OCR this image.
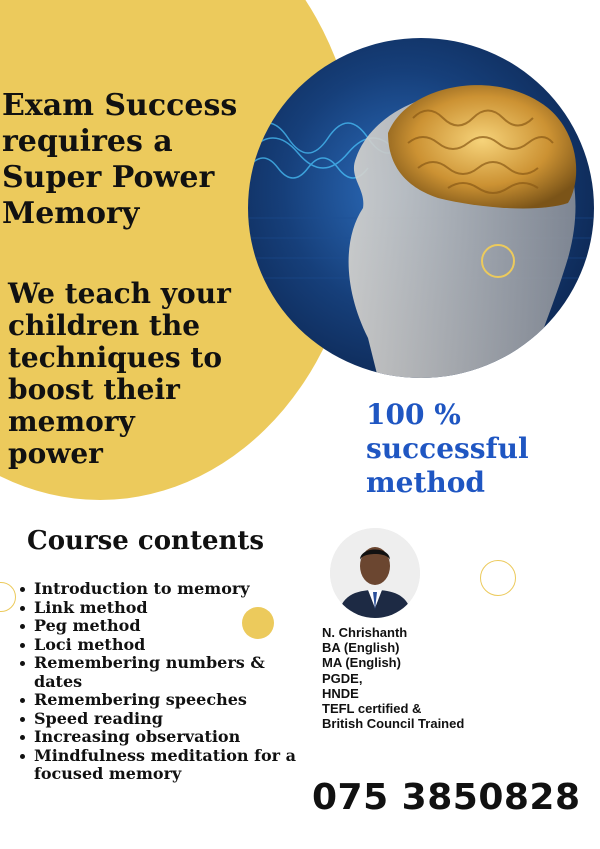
Exam Success
requires a
Super Power
Memory
We teach your
children the
techniques to
boost their
memory
power

100 %
successful
method

Course contents
Introduction to memory
Link method
Peg method
Loci method
Remembering numbers & dates
Remembering speeches
Speed reading
Increasing observation
Mindfulness meditation for a focused memory

N. Chrishanth
BA (English)
MA (English)
PGDE,
HNDE
TEFL certified &
British Council Trained

075 3850828
